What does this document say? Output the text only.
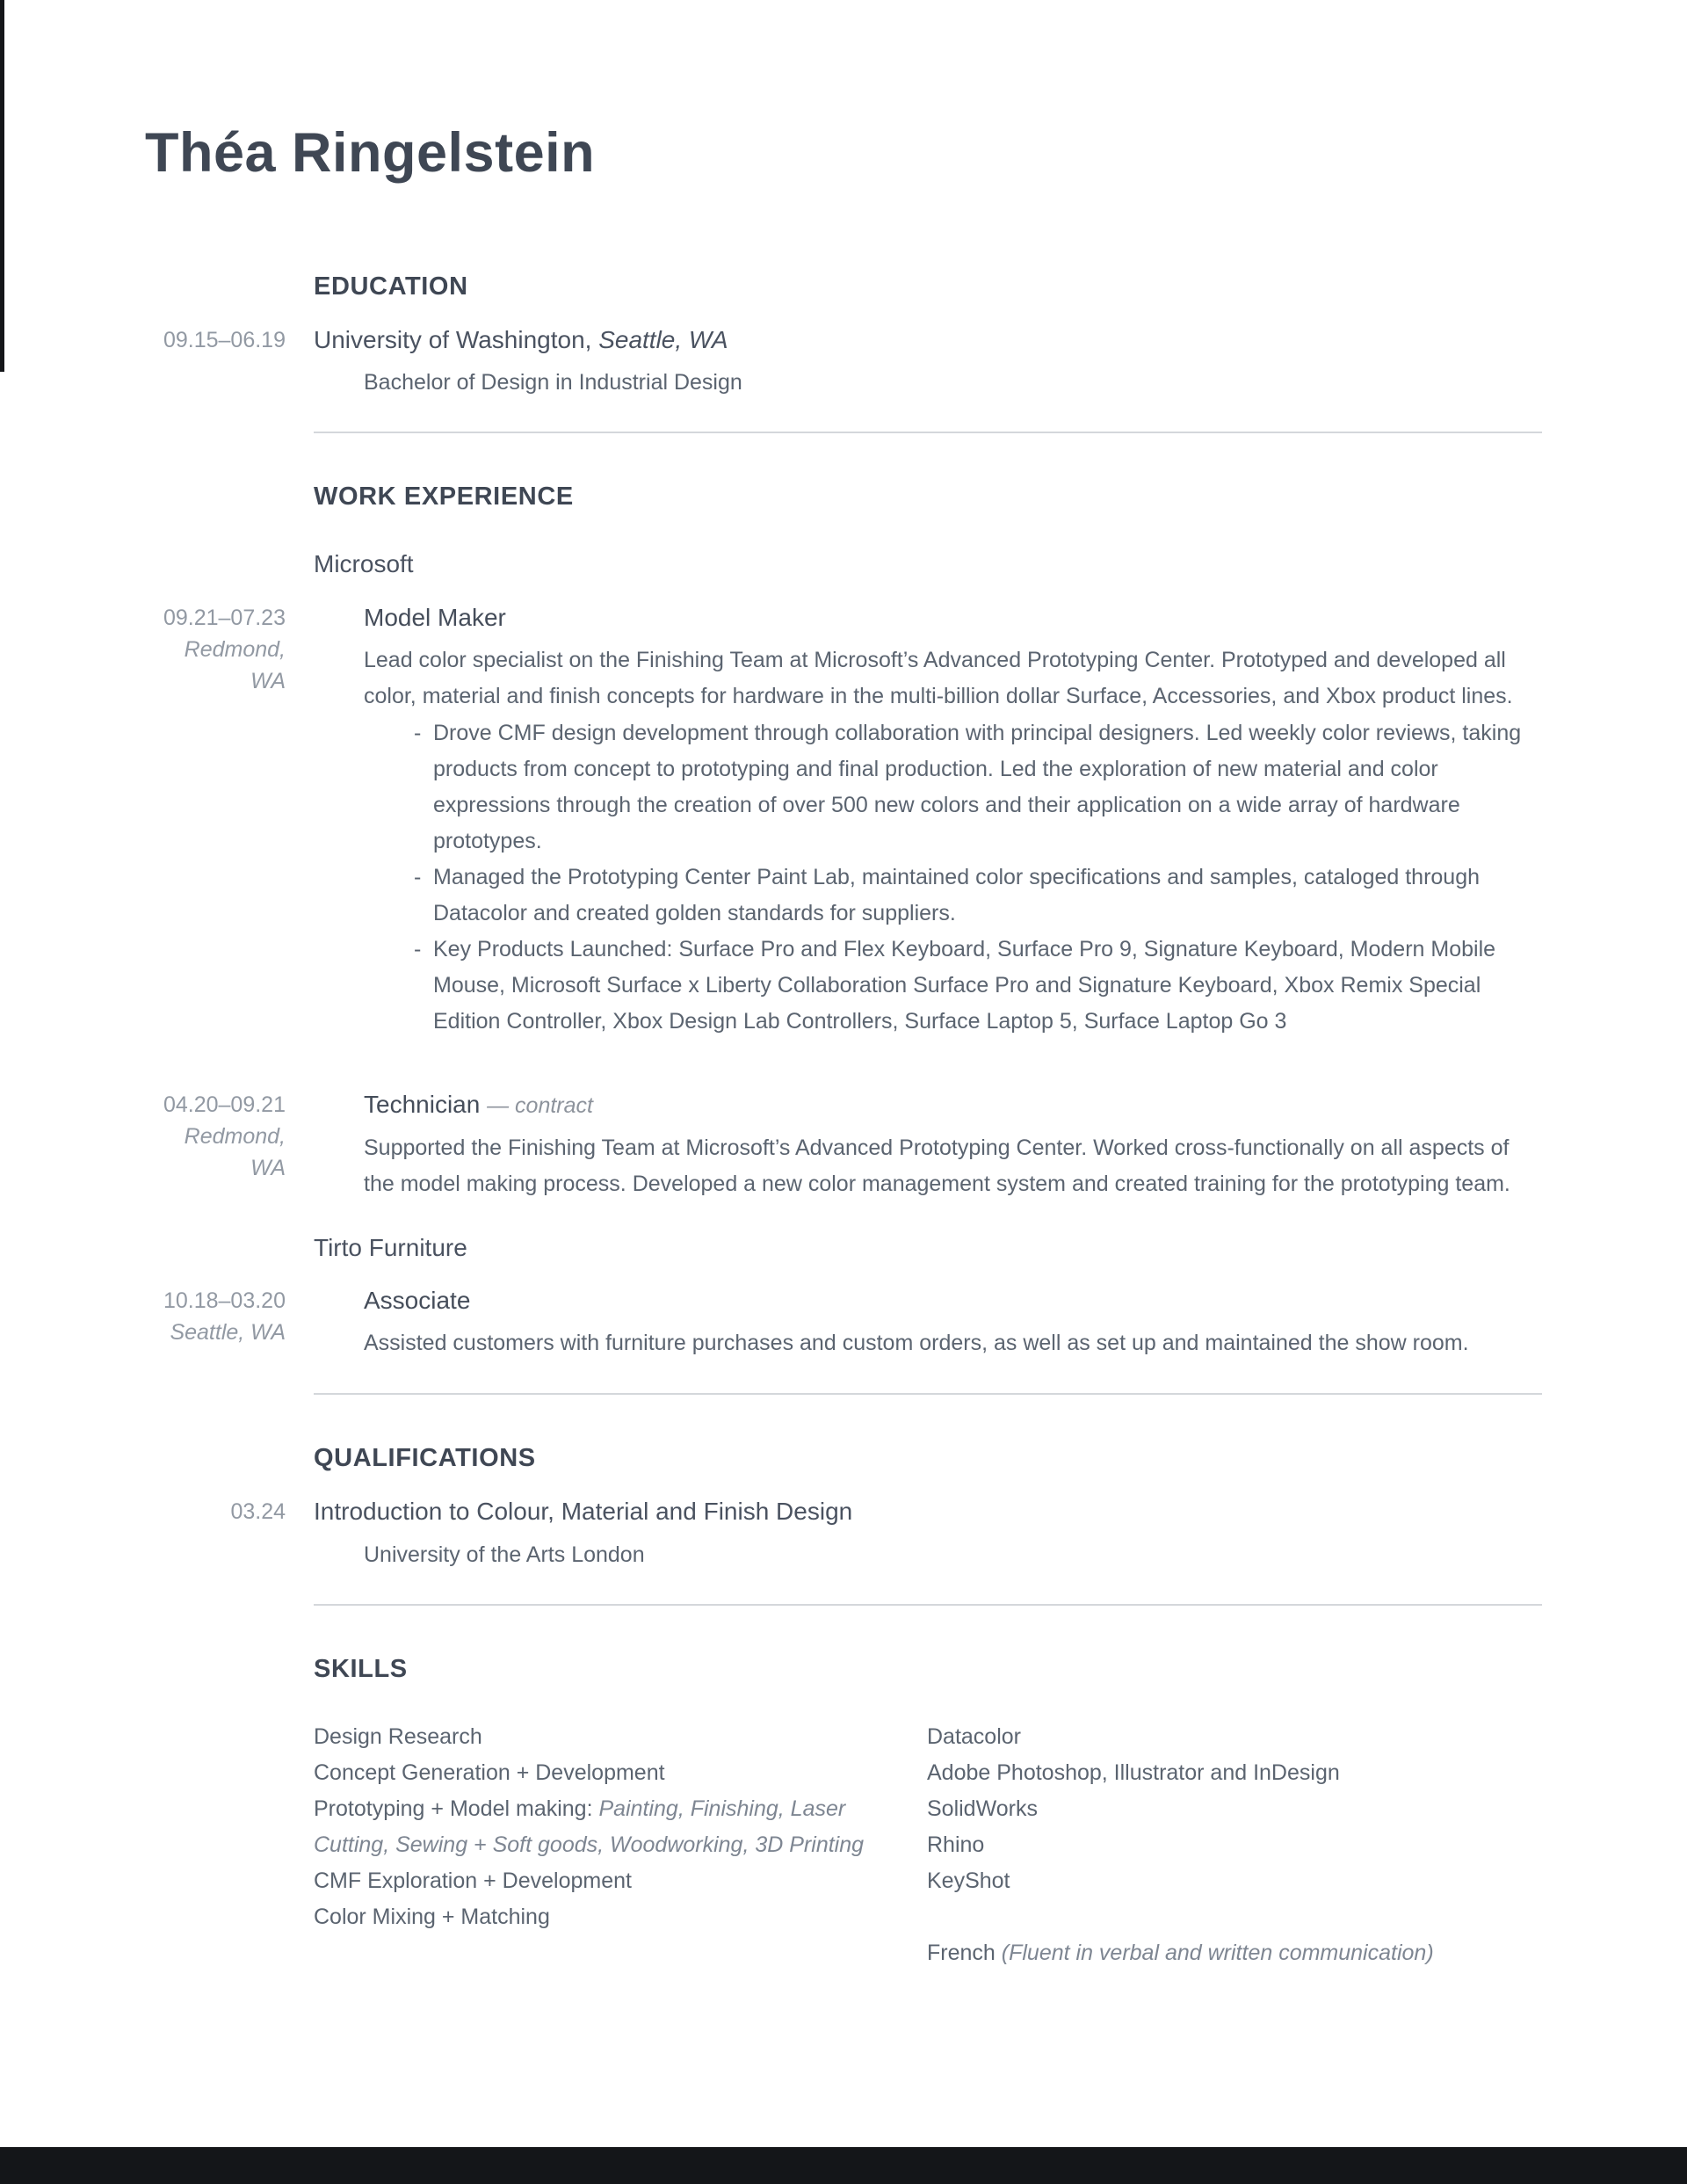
Théa Ringelstein
EDUCATION
09.15–06.19 University of Washington, Seattle, WA
Bachelor of Design in Industrial Design
WORK EXPERIENCE
Microsoft
09.21–07.23
Redmond, WA
Model Maker

Lead color specialist on the Finishing Team at Microsoft’s Advanced Prototyping Center. Prototyped and developed all color, material and finish concepts for hardware in the multi-billion dollar Surface, Accessories, and Xbox product lines.

- Drove CMF design development through collaboration with principal designers. Led weekly color reviews, taking products from concept to prototyping and final production. Led the exploration of new material and color expressions through the creation of over 500 new colors and their application on a wide array of hardware prototypes.
- Managed the Prototyping Center Paint Lab, maintained color specifications and samples, cataloged through Datacolor and created golden standards for suppliers.
- Key Products Launched: Surface Pro and Flex Keyboard, Surface Pro 9, Signature Keyboard, Modern Mobile Mouse, Microsoft Surface x Liberty Collaboration Surface Pro and Signature Keyboard, Xbox Remix Special Edition Controller, Xbox Design Lab Controllers, Surface Laptop 5, Surface Laptop Go 3
04.20–09.21
Redmond, WA
Technician — contract

Supported the Finishing Team at Microsoft’s Advanced Prototyping Center. Worked cross-functionally on all aspects of the model making process. Developed a new color management system and created training for the prototyping team.

Tirto Furniture
10.18–03.20
Seattle, WA
Associate

Assisted customers with furniture purchases and custom orders, as well as set up and maintained the show room.

QUALIFICATIONS
03.24 Introduction to Colour, Material and Finish Design
University of the Arts London
SKILLS
Design Research
Concept Generation + Development
Prototyping + Model making: Painting, Finishing, Laser Cutting, Sewing + Soft goods, Woodworking, 3D Printing
CMF Exploration + Development
Color Mixing + Matching
Datacolor
Adobe Photoshop, Illustrator and InDesign
SolidWorks
Rhino
KeyShot
French (Fluent in verbal and written communication)
